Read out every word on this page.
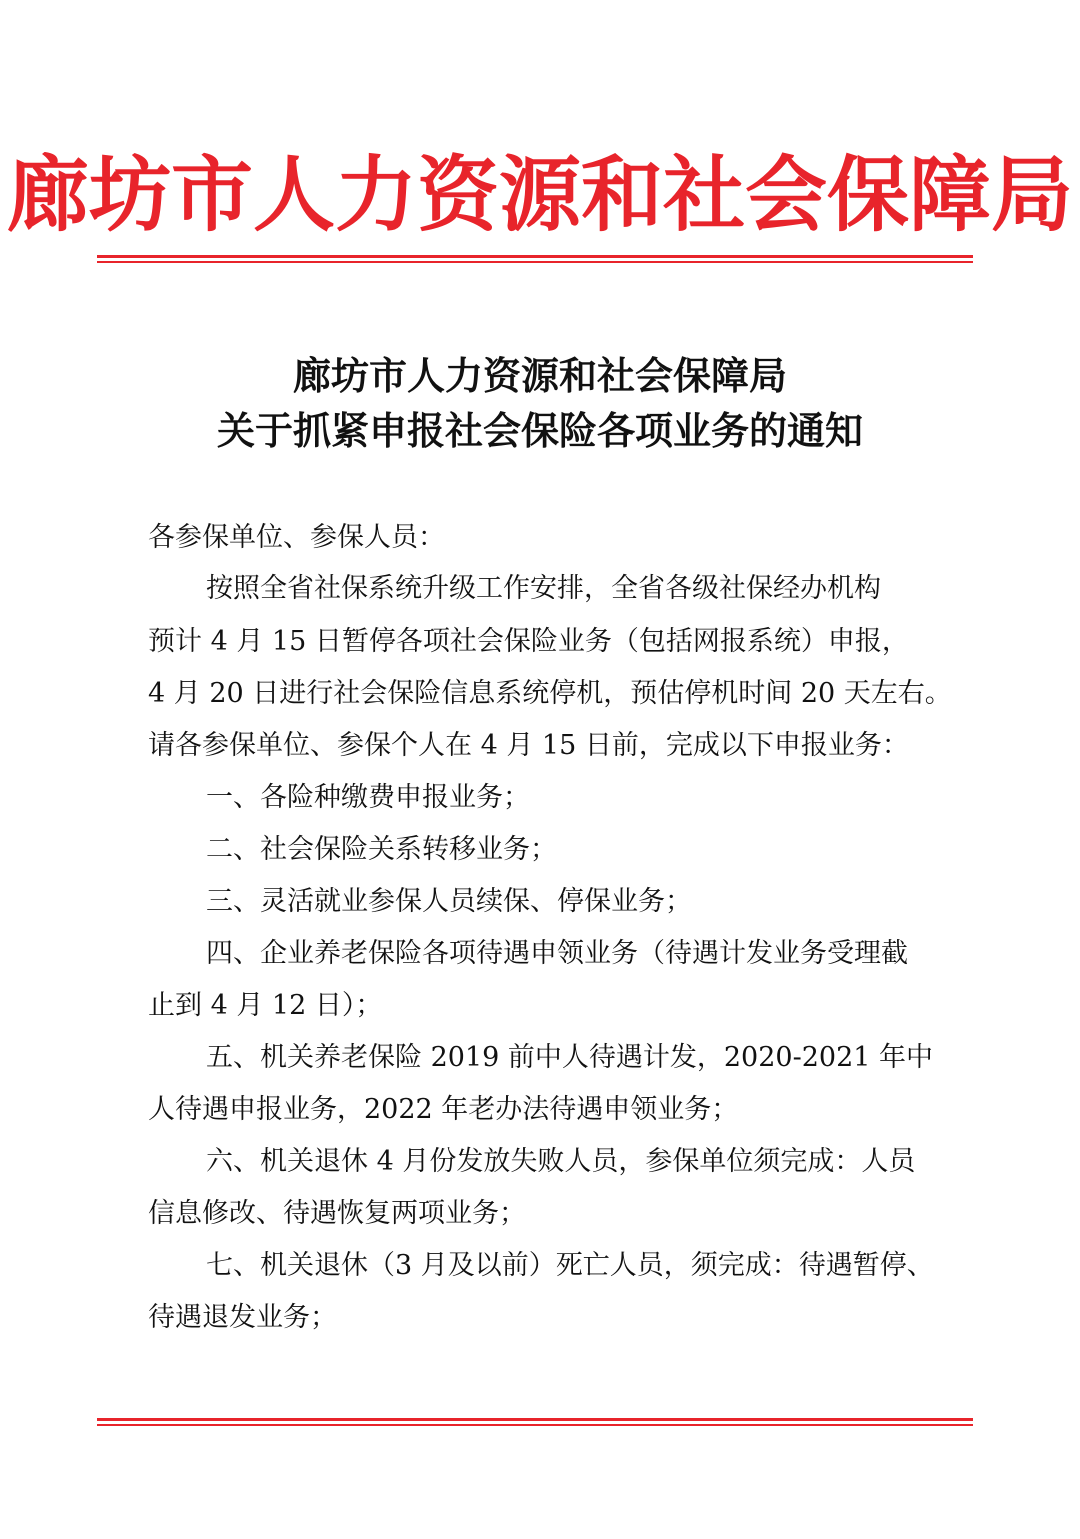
廊坊市人力资源和社会保障局
廊坊市人力资源和社会保障局
关于抓紧申报社会保险各项业务的通知
各参保单位、参保人员：
按照全省社保系统升级工作安排，全省各级社保经办机构
预计 4 月 15 日暂停各项社会保险业务（包括网报系统）申报，
4 月 20 日进行社会保险信息系统停机，预估停机时间 20 天左右。
请各参保单位、参保个人在 4 月 15 日前，完成以下申报业务：
一、各险种缴费申报业务；
二、社会保险关系转移业务；
三、灵活就业参保人员续保、停保业务；
四、企业养老保险各项待遇申领业务（待遇计发业务受理截
止到 4 月 12 日）；
五、机关养老保险 2019 前中人待遇计发，2020-2021 年中
人待遇申报业务，2022 年老办法待遇申领业务；
六、机关退休 4 月份发放失败人员，参保单位须完成：人员
信息修改、待遇恢复两项业务；
七、机关退休（3 月及以前）死亡人员，须完成：待遇暂停、
待遇退发业务；
